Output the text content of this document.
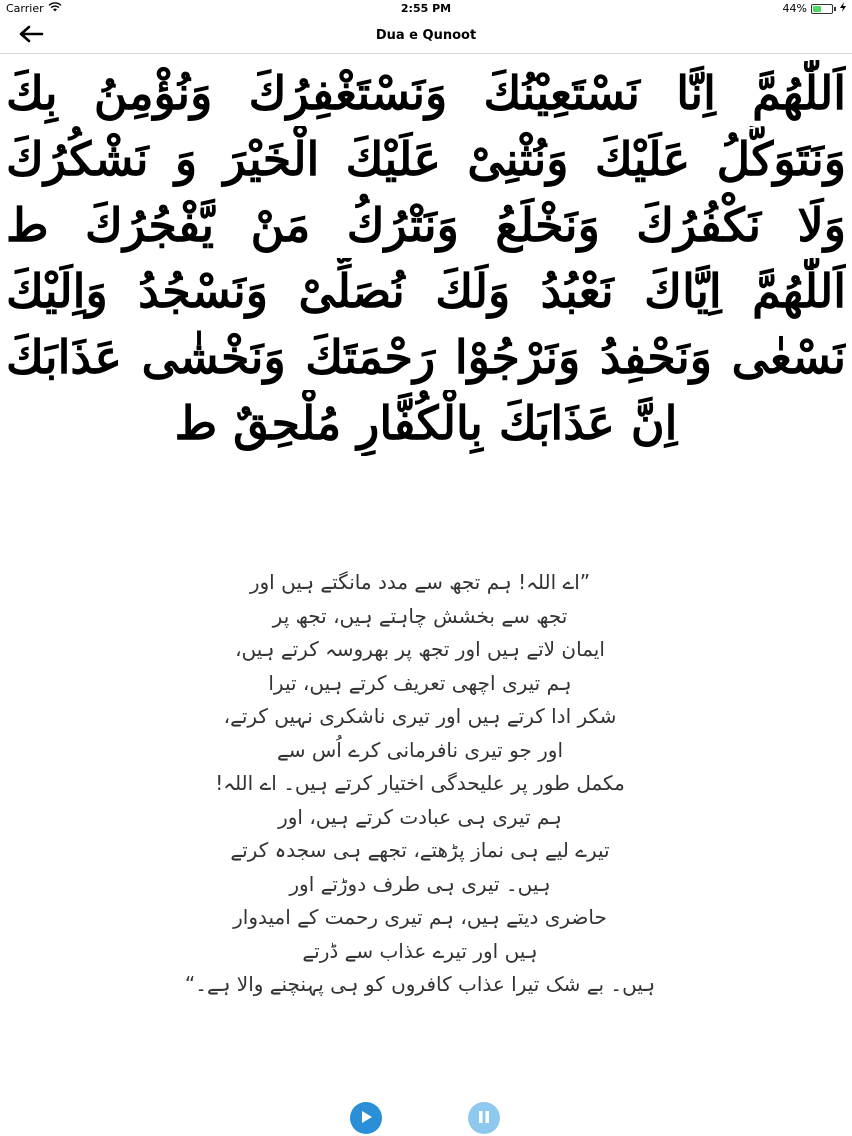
Carrier	2:55 PM	44%
Dua e Qunoot
اَللّٰهُمَّ اِنَّا نَسْتَعِيْنُكَ وَنَسْتَغْفِرُكَ وَنُؤْمِنُ بِكَ
وَنَتَوَكَّلُ عَلَيْكَ وَنُثْنِىْ عَلَيْكَ الْخَيْرَ وَ نَشْكُرُكَ
وَلَا نَكْفُرُكَ وَنَخْلَعُ وَنَتْرُكُ مَنْ يَّفْجُرُكَ ط
اَللّٰهُمَّ اِيَّاكَ نَعْبُدُ وَلَكَ نُصَلِّىْ وَنَسْجُدُ وَاِلَيْكَ
نَسْعٰى وَنَحْفِدُ وَنَرْجُوْا رَحْمَتَكَ وَنَخْشٰى عَذَابَكَ
اِنَّ عَذَابَكَ بِالْكُفَّارِ مُلْحِقٌ ط
”اے اللہ! ہم تجھ سے مدد مانگتے ہیں اور
تجھ سے بخشش چاہتے ہیں، تجھ پر
ایمان لاتے ہیں اور تجھ پر بھروسہ کرتے ہیں،
ہم تیری اچھی تعریف کرتے ہیں، تیرا
شکر ادا کرتے ہیں اور تیری ناشکری نہیں کرتے،
اور جو تیری نافرمانی کرے اُس سے
مکمل طور پر علیحدگی اختیار کرتے ہیں۔ اے اللہ!
ہم تیری ہی عبادت کرتے ہیں، اور
تیرے لیے ہی نماز پڑھتے، تجھے ہی سجدہ کرتے
ہیں۔ تیری ہی طرف دوڑتے اور
حاضری دیتے ہیں، ہم تیری رحمت کے امیدوار
ہیں اور تیرے عذاب سے ڈرتے
ہیں۔ بے شک تیرا عذاب کافروں کو ہی پہنچنے والا ہے۔“
